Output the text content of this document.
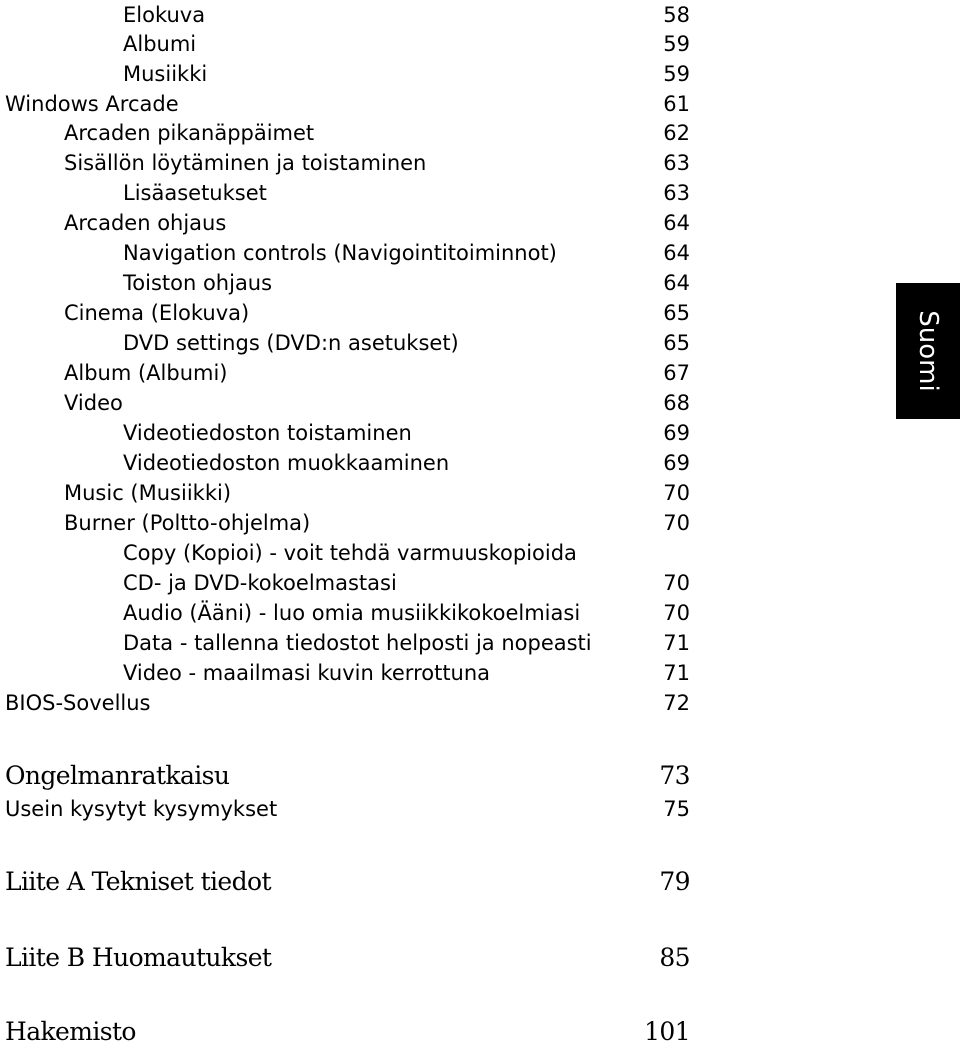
Elokuva	58
Albumi	59
Musiikki	59
Windows Arcade	61
Arcaden pikanäppäimet	62
Sisällön löytäminen ja toistaminen	63
Lisäasetukset	63
Arcaden ohjaus	64
Navigation controls (Navigointitoiminnot)	64
Toiston ohjaus	64
Cinema (Elokuva)	65
DVD settings (DVD:n asetukset)	65
Album (Albumi)	67
Video	68
Videotiedoston toistaminen	69
Videotiedoston muokkaaminen	69
Music (Musiikki)	70
Burner (Poltto-ohjelma)	70
Copy (Kopioi) - voit tehdä varmuuskopioida
CD- ja DVD-kokoelmastasi	70
Audio (Ääni) - luo omia musiikkikokoelmiasi	70
Data - tallenna tiedostot helposti ja nopeasti	71
Video - maailmasi kuvin kerrottuna	71
BIOS-Sovellus	72
Ongelmanratkaisu	73
Usein kysytyt kysymykset	75
Liite A Tekniset tiedot	79
Liite B Huomautukset	85
Hakemisto	101
Suomi
